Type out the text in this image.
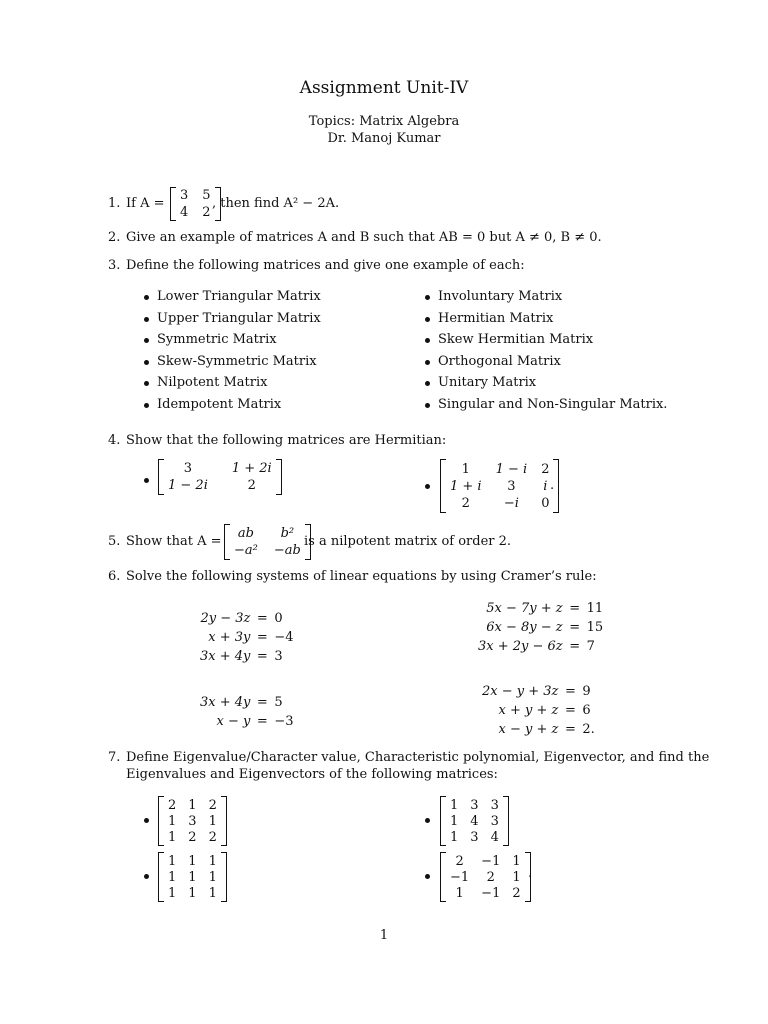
Assignment Unit-IV
Topics: Matrix Algebra
Dr. Manoj Kumar
1. If A =
3 5
4 2
, then find A² − 2A.
2. Give an example of matrices A and B such that AB = 0 but A ≠ 0, B ≠ 0.
3. Define the following matrices and give one example of each:
Lower Triangular Matrix
Upper Triangular Matrix
Symmetric Matrix
Skew-Symmetric Matrix
Nilpotent Matrix
Idempotent Matrix
Involuntary Matrix
Hermitian Matrix
Skew Hermitian Matrix
Orthogonal Matrix
Unitary Matrix
Singular and Non-Singular Matrix.
4. Show that the following matrices are Hermitian:
3	1 + 2i
1 − 2i	2
1	1 − i 2
1 + i	3	i
2	−i	0
.
5. Show that A =
ab	b²
−a² −ab
is a nilpotent matrix of order 2.
6. Solve the following systems of linear equations by using Cramer’s rule:
2y − 3z = 0
x + 3y = −4
3x + 4y = 3
5x − 7y + z = 11
6x − 8y − z = 15
3x + 2y − 6z = 7
3x + 4y = 5
x − y = −3
2x − y + 3z = 9
x + y + z = 6
x − y + z = 2.
7. Define Eigenvalue/Character value, Characteristic polynomial, Eigenvector, and find the
Eigenvalues and Eigenvectors of the following matrices:
2 1 2
1 3 1
1 2 2
1 3 3
1 4 3
1 3 4
1 1 1
1 1 1
1 1 1
2	−1 1
−1	2	1
1	−1 2
.
1
